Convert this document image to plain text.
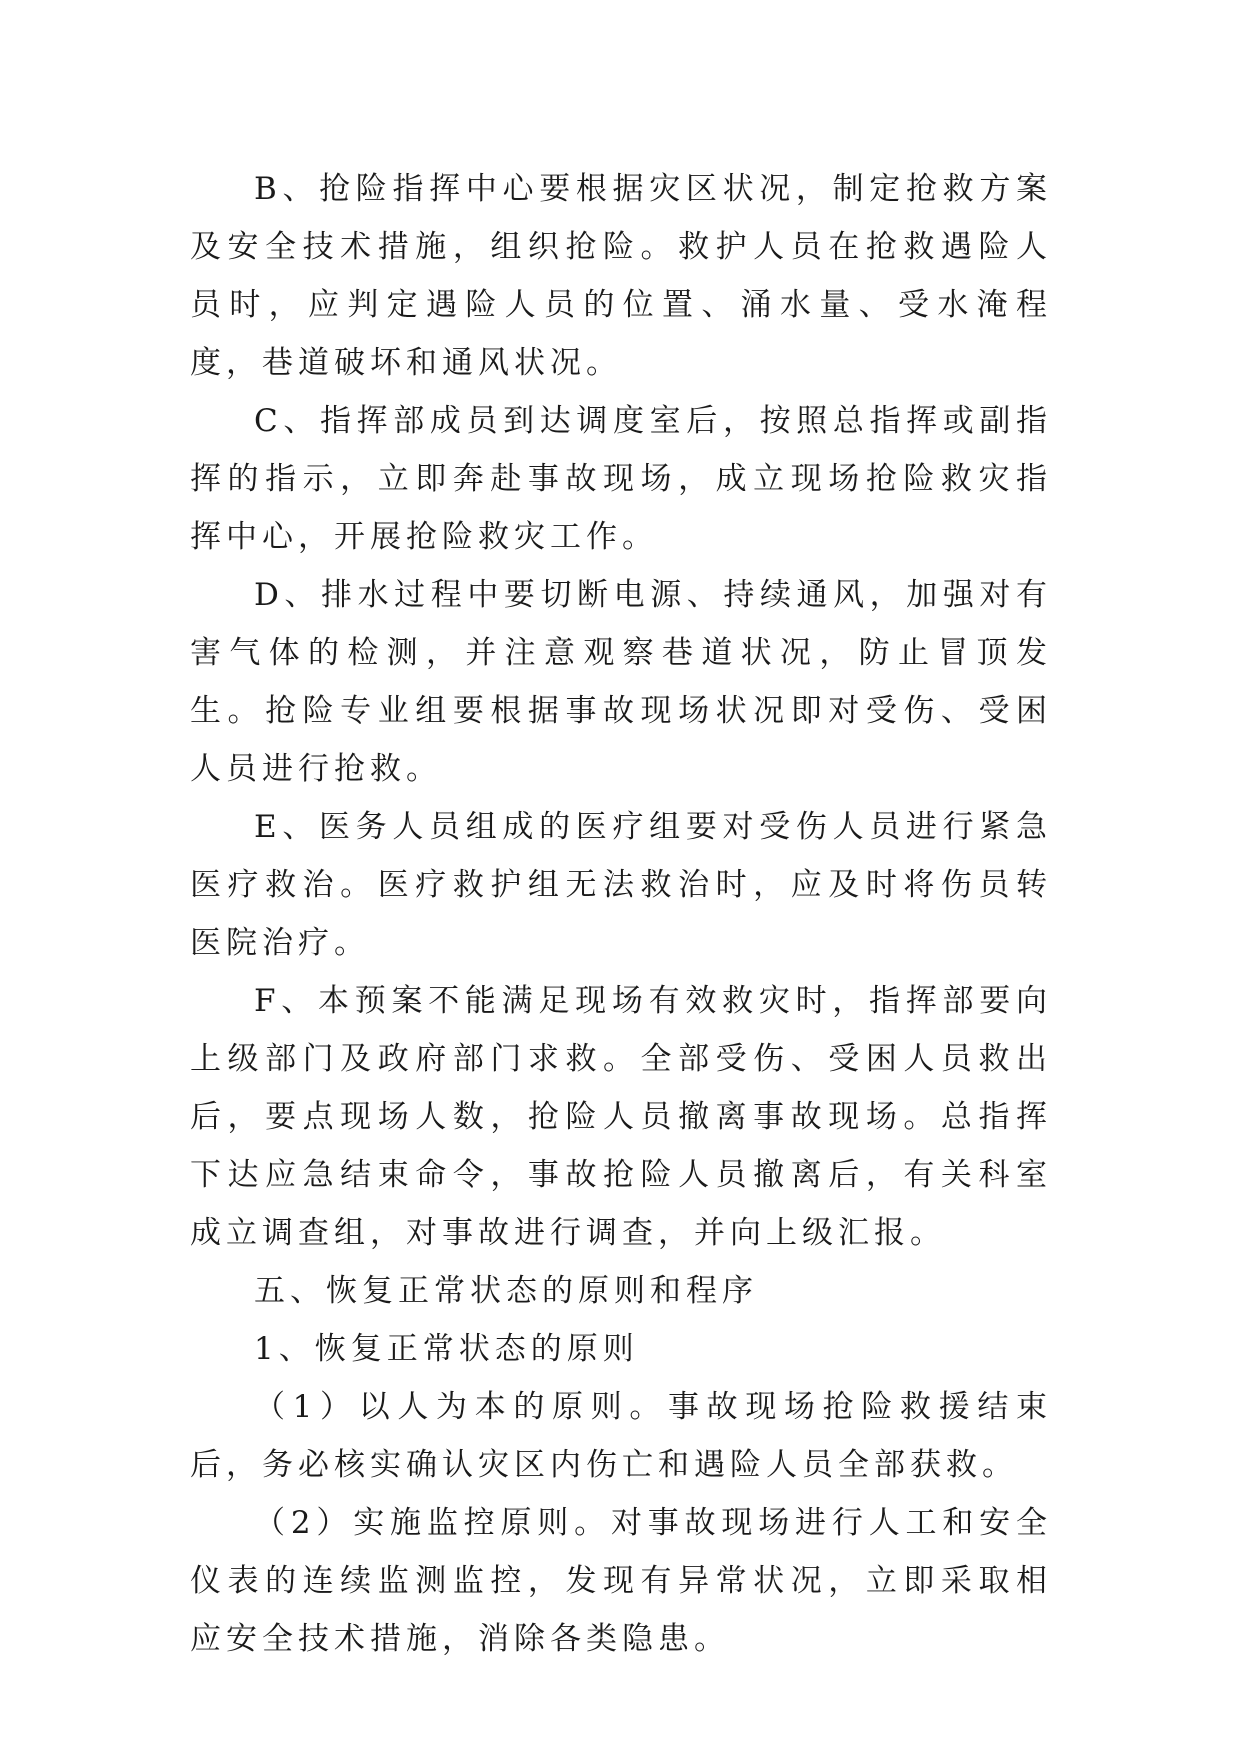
B、抢险指挥中心要根据灾区状况，制定抢救方案及安全技术措施，组织抢险。救护人员在抢救遇险人员时，应判定遇险人员的位置、涌水量、受水淹程度，巷道破坏和通风状况。

C、指挥部成员到达调度室后，按照总指挥或副指挥的指示，立即奔赴事故现场，成立现场抢险救灾指挥中心，开展抢险救灾工作。

D、排水过程中要切断电源、持续通风，加强对有害气体的检测，并注意观察巷道状况，防止冒顶发生。抢险专业组要根据事故现场状况即对受伤、受困人员进行抢救。

E、医务人员组成的医疗组要对受伤人员进行紧急医疗救治。医疗救护组无法救治时，应及时将伤员转医院治疗。

F、本预案不能满足现场有效救灾时，指挥部要向上级部门及政府部门求救。全部受伤、受困人员救出后，要点现场人数，抢险人员撤离事故现场。总指挥下达应急结束命令，事故抢险人员撤离后，有关科室成立调查组，对事故进行调查，并向上级汇报。

五、恢复正常状态的原则和程序

1、恢复正常状态的原则

（1）以人为本的原则。事故现场抢险救援结束后，务必核实确认灾区内伤亡和遇险人员全部获救。

（2）实施监控原则。对事故现场进行人工和安全仪表的连续监测监控，发现有异常状况，立即采取相应安全技术措施，消除各类隐患。
